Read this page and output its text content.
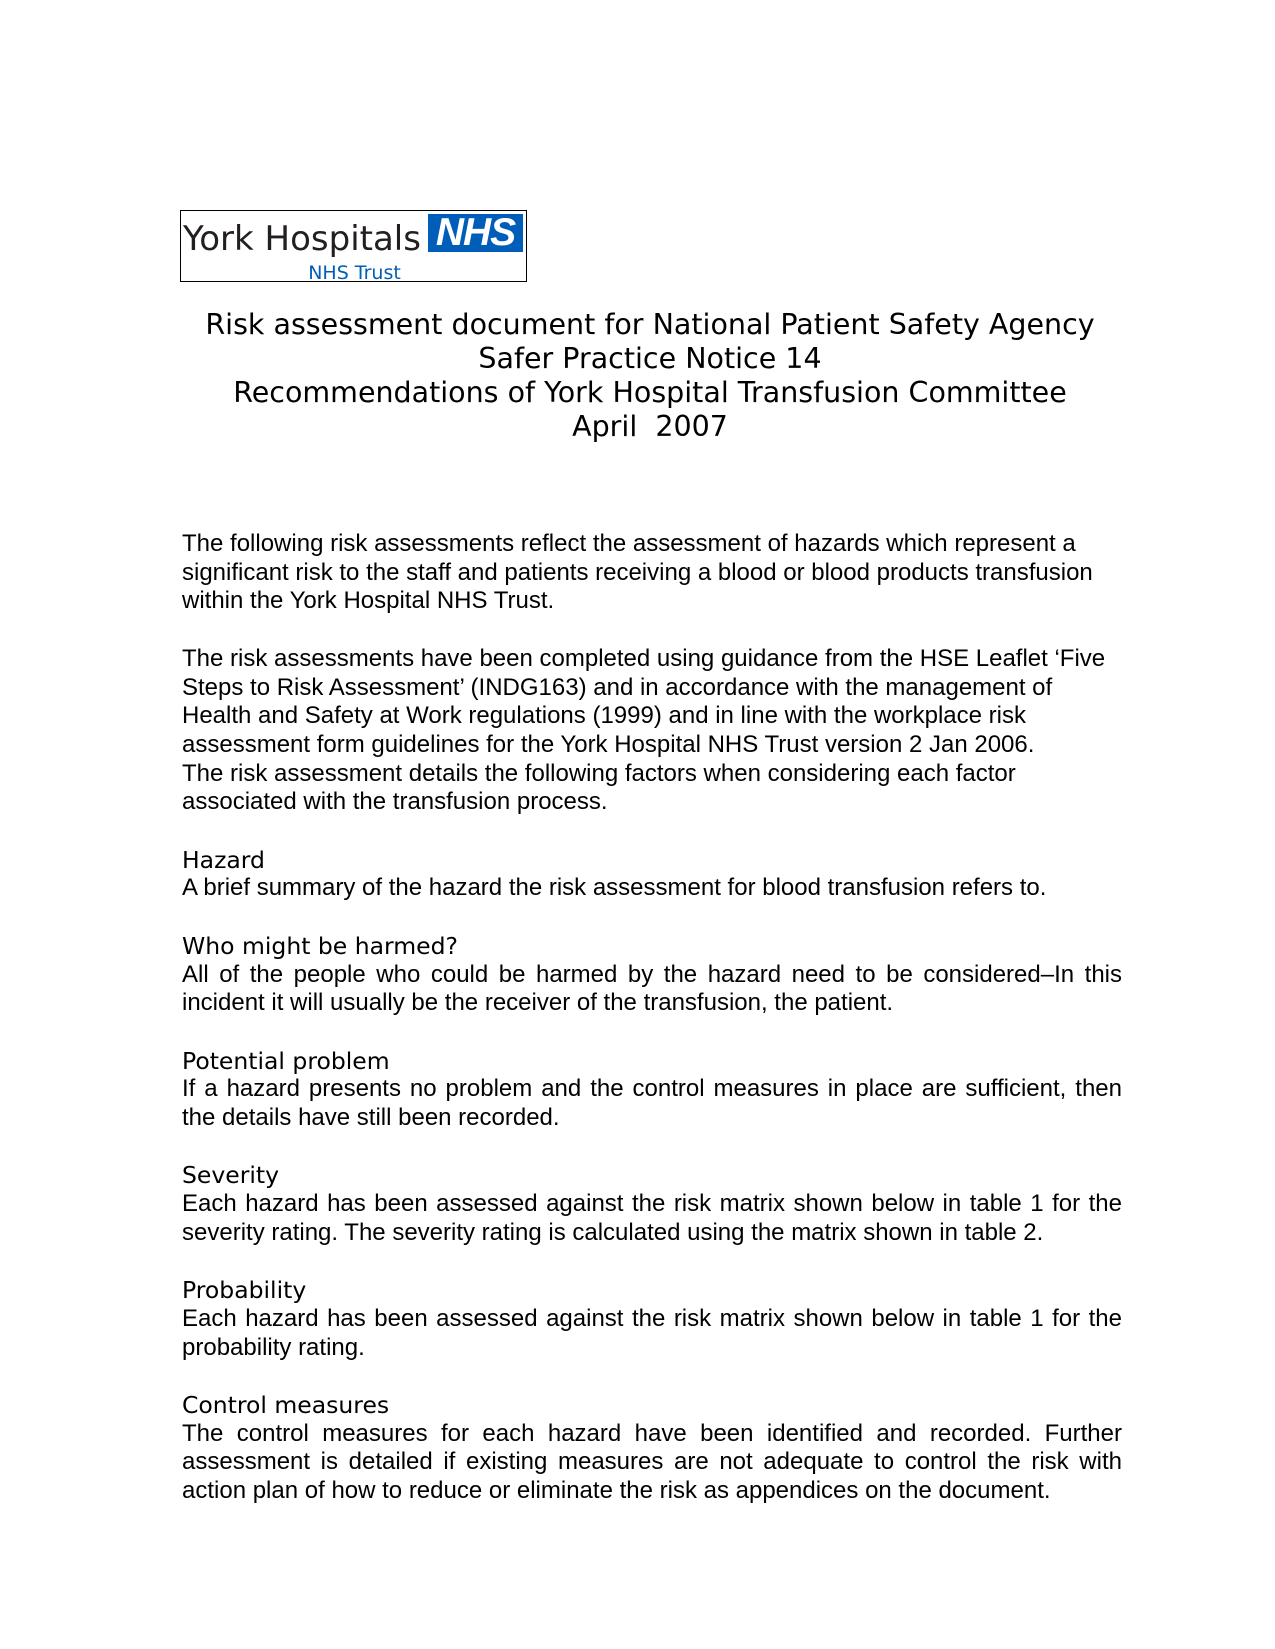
York Hospitals NHS
NHS Trust
Risk assessment document for National Patient Safety Agency
Safer Practice Notice 14
Recommendations of York Hospital Transfusion Committee
April  2007

The following risk assessments reflect the assessment of hazards which represent a significant risk to the staff and patients receiving a blood or blood products transfusion within the York Hospital NHS Trust.

The risk assessments have been completed using guidance from the HSE Leaflet ‘Five Steps to Risk Assessment’ (INDG163) and in accordance with the management of Health and Safety at Work regulations (1999) and in line with the workplace risk assessment form guidelines for the York Hospital NHS Trust version 2 Jan 2006.

The risk assessment details the following factors when considering each factor associated with the transfusion process.

Hazard

A brief summary of the hazard the risk assessment for blood transfusion refers to.

Who might be harmed?

All of the people who could be harmed by the hazard need to be considered–In this incident it will usually be the receiver of the transfusion, the patient.

Potential problem

If a hazard presents no problem and the control measures in place are sufficient, then the details have still been recorded.

Severity

Each hazard has been assessed against the risk matrix shown below in table 1 for the severity rating. The severity rating is calculated using the matrix shown in table 2.

Probability

Each hazard has been assessed against the risk matrix shown below in table 1 for the probability rating.

Control measures

The control measures for each hazard have been identified and recorded. Further assessment is detailed if existing measures are not adequate to control the risk with action plan of how to reduce or eliminate the risk as appendices on the document.
